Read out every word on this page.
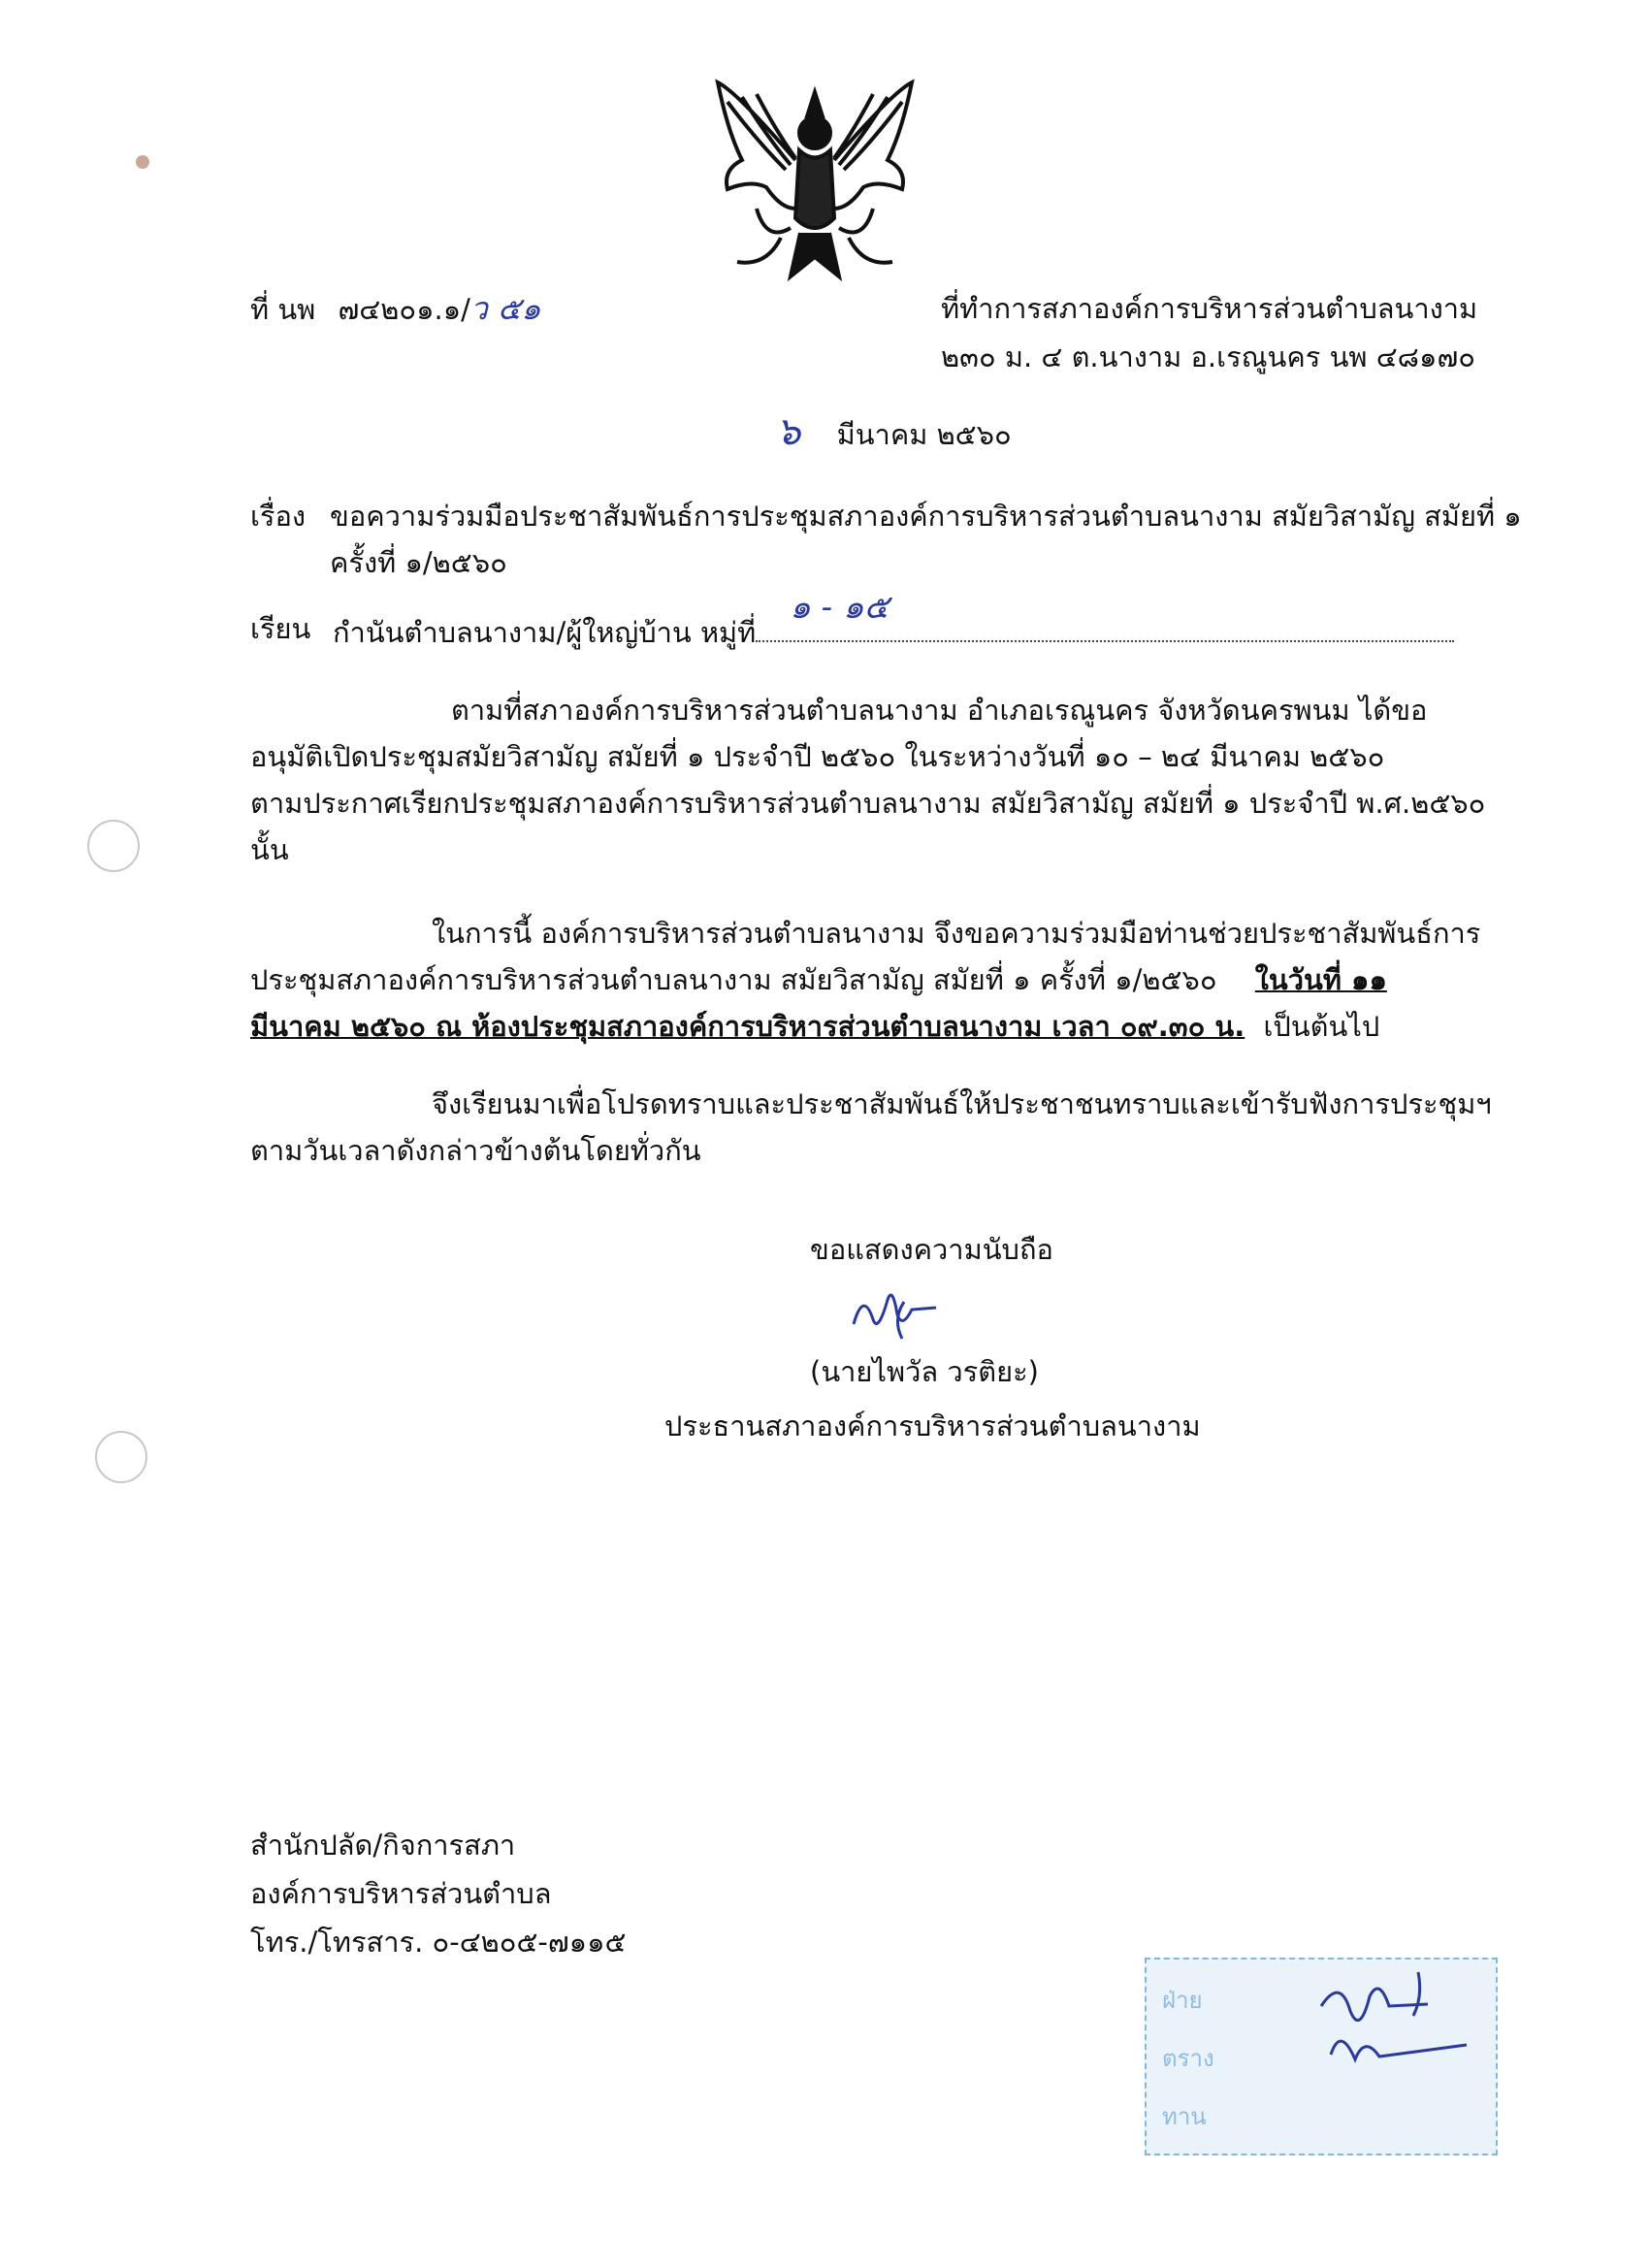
ที่ นพ ๗๔๒๐๑.๑/ว ๕๑	ที่ทำการสภาองค์การบริหารส่วนตำบลนางาม
๒๓๐ ม. ๔ ต.นางาม อ.เรณูนคร นพ ๔๘๑๗๐
๖ มีนาคม ๒๕๖๐
เรื่อง ขอความร่วมมือประชาสัมพันธ์การประชุมสภาองค์การบริหารส่วนตำบลนางาม สมัยวิสามัญ สมัยที่ ๑
ครั้งที่ ๑/๒๕๖๐
เรียน กำนันตำบลนางาม/ผู้ใหญ่บ้าน หมู่ที่
๑ - ๑๕
ตามที่สภาองค์การบริหารส่วนตำบลนางาม อำเภอเรณูนคร จังหวัดนครพนม ได้ขอ
อนุมัติเปิดประชุมสมัยวิสามัญ สมัยที่ ๑ ประจำปี ๒๕๖๐ ในระหว่างวันที่ ๑๐ – ๒๔ มีนาคม ๒๕๖๐
ตามประกาศเรียกประชุมสภาองค์การบริหารส่วนตำบลนางาม สมัยวิสามัญ สมัยที่ ๑ ประจำปี พ.ศ.๒๕๖๐
นั้น
ในการนี้ องค์การบริหารส่วนตำบลนางาม จึงขอความร่วมมือท่านช่วยประชาสัมพันธ์การ
ประชุมสภาองค์การบริหารส่วนตำบลนางาม สมัยวิสามัญ สมัยที่ ๑ ครั้งที่ ๑/๒๕๖๐ ในวันที่ ๑๑
มีนาคม ๒๕๖๐ ณ ห้องประชุมสภาองค์การบริหารส่วนตำบลนางาม เวลา ๐๙.๓๐ น. เป็นต้นไป
จึงเรียนมาเพื่อโปรดทราบและประชาสัมพันธ์ให้ประชาชนทราบและเข้ารับฟังการประชุมฯ
ตามวันเวลาดังกล่าวข้างต้นโดยทั่วกัน
ขอแสดงความนับถือ
(นายไพวัล วรติยะ)
ประธานสภาองค์การบริหารส่วนตำบลนางาม
สำนักปลัด/กิจการสภา
องค์การบริหารส่วนตำบล
โทร./โทรสาร. ๐-๔๒๐๕-๗๑๑๕
ฝ่าย
ตราง
ทาน
